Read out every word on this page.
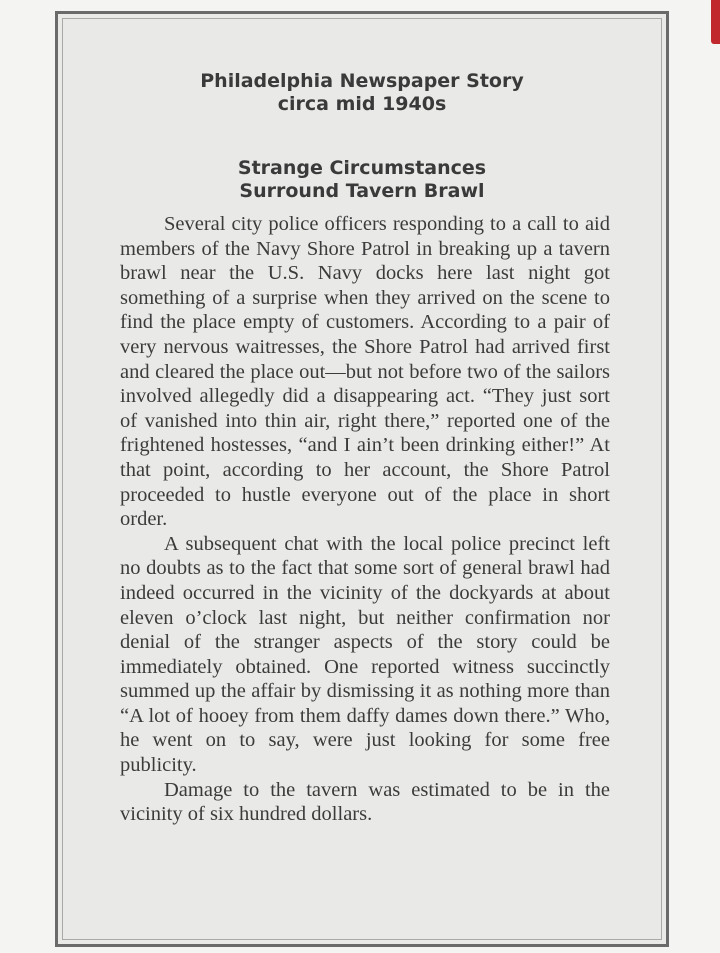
Philadelphia Newspaper Story
circa mid 1940s
Strange Circumstances
Surround Tavern Brawl

Several city police officers responding to a call to aid members of the Navy Shore Patrol in breaking up a tavern brawl near the U.S. Navy docks here last night got something of a surprise when they arrived on the scene to find the place empty of customers. According to a pair of very nervous waitresses, the Shore Patrol had arrived first and cleared the place out—but not before two of the sailors involved allegedly did a disappearing act. “They just sort of vanished into thin air, right there,” reported one of the frightened hostesses, “and I ain’t been drinking either!” At that point, according to her account, the Shore Patrol proceeded to hustle everyone out of the place in short order.

A subsequent chat with the local police precinct left no doubts as to the fact that some sort of general brawl had indeed occurred in the vicinity of the dockyards at about eleven o’clock last night, but neither confirmation nor denial of the stranger aspects of the story could be immediately obtained. One reported witness succinctly summed up the affair by dismissing it as nothing more than “A lot of hooey from them daffy dames down there.” Who, he went on to say, were just looking for some free publicity.

Damage to the tavern was estimated to be in the vicinity of six hundred dollars.
